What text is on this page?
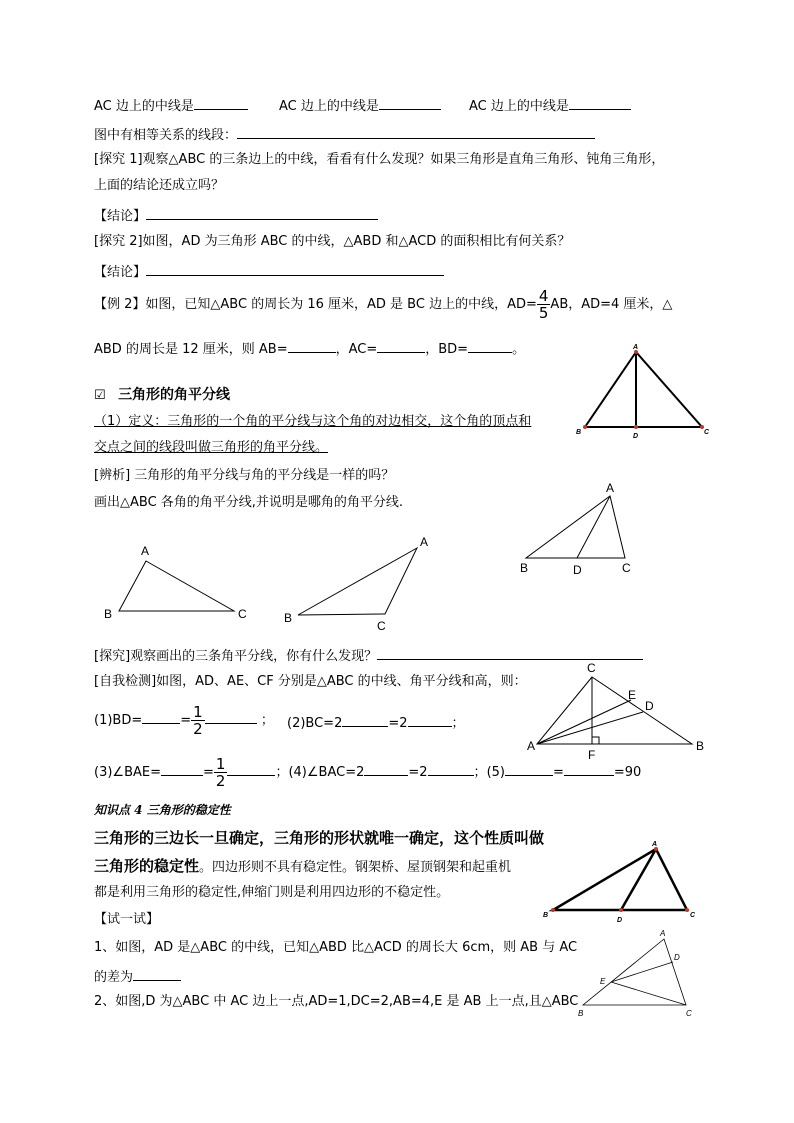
AC 边上的中线是	AC 边上的中线是	AC 边上的中线是
图中有相等关系的线段：
[探究 1]观察△ABC 的三条边上的中线，看看有什么发现？如果三角形是直角三角形、钝角三角形，
上面的结论还成立吗？
【结论】
[探究 2]如图，AD 为三角形 ABC 的中线，△ABD 和△ACD 的面积相比有何关系？
【结论】
【例 2】如图，已知△ABC 的周长为 16 厘米，AD 是 BC 边上的中线，$AD= \frac{4}{5}$ AB，AD=4 厘米，△
ABD 的周长是 12 厘米，则 AB=	，AC=	，BD=	。
☑ 三角形的角平分线
（1）定义：三角形的一个角的平分线与这个角的对边相交，这个角的顶点和
交点之间的线段叫做三角形的角平分线。
[辨析] 三角形的角平分线与角的平分线是一样的吗？
画出△ABC 各角的角平分线,并说明是哪角的角平分线.
[探究]观察画出的三条角平分线，你有什么发现？
[自我检测]如图，AD、AE、CF 分别是△ABC 的中线、角平分线和高，则：
(1)BD=	= $\frac{1}{2}$	； (2)BC=2	=2	；
(3)∠BAE=	= $\frac{1}{2}$	；(4)∠BAC=2	=2	；(5)	=	=90
知识点 4 三角形的稳定性
三角形的三边长一旦确定，三角形的形状就唯一确定，这个性质叫做
三角形的稳定性。四边形则不具有稳定性。钢架桥、屋顶钢架和起重机
都是利用三角形的稳定性,伸缩门则是利用四边形的不稳定性。
【试一试】
1、如图，AD 是△ABC 的中线，已知△ABD 比△ACD 的周长大 6cm，则 AB 与 AC
的差为
2、如图,D 为△ABC 中 AC 边上一点,AD=1,DC=2,AB=4,E 是 AB 上一点,且△ABC
A
B	C
D
A
B	D	C
A
B	C
A
B
C
C
E
D
A
F
B
A
B	C
D
A
D
E
B	C
